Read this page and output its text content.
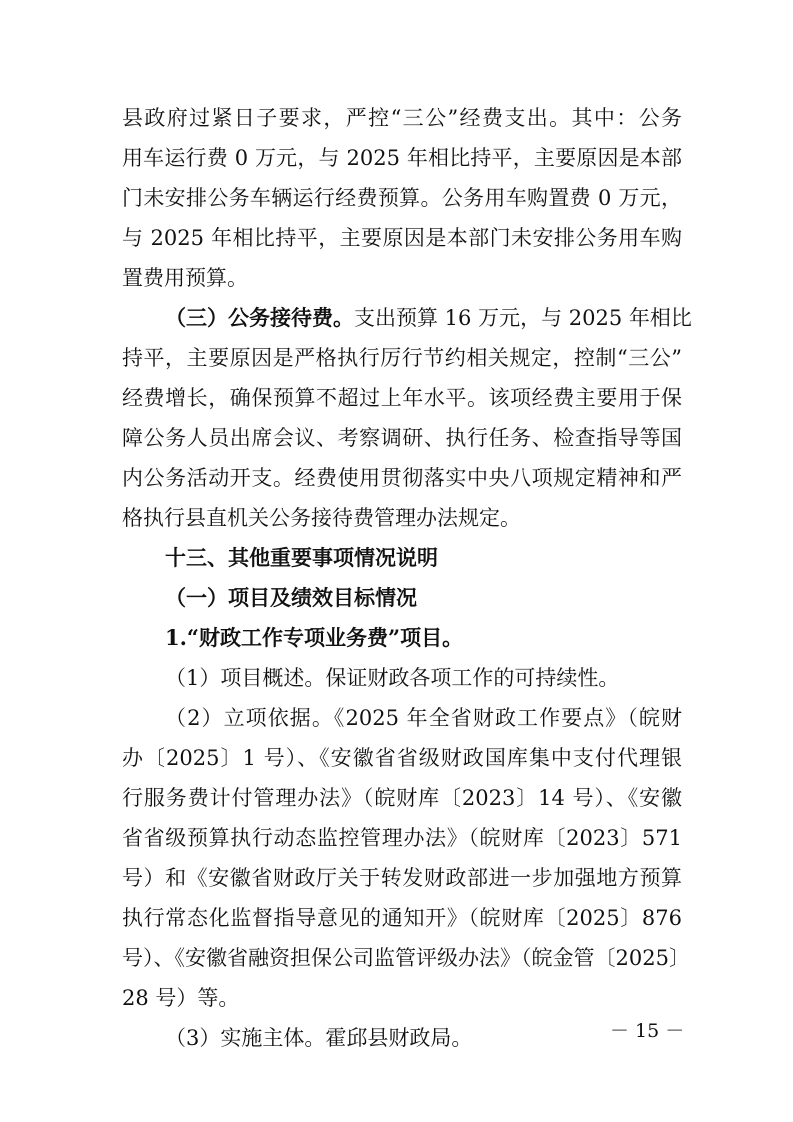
县政府过紧日子要求，严控“三公”经费支出。其中：公务
用车运行费 0 万元，与 2025 年相比持平，主要原因是本部
门未安排公务车辆运行经费预算。公务用车购置费 0 万元，
与 2025 年相比持平，主要原因是本部门未安排公务用车购
置费用预算。
（三）公务接待费。支出预算 16 万元，与 2025 年相比
持平，主要原因是严格执行厉行节约相关规定，控制“三公”
经费增长，确保预算不超过上年水平。该项经费主要用于保
障公务人员出席会议、考察调研、执行任务、检查指导等国
内公务活动开支。经费使用贯彻落实中央八项规定精神和严
格执行县直机关公务接待费管理办法规定。
十三、其他重要事项情况说明
（一）项目及绩效目标情况
1.“财政工作专项业务费”项目。
（1）项目概述。保证财政各项工作的可持续性。
（2）立项依据。《2025 年全省财政工作要点》（皖财
办〔2025〕1 号）、《安徽省省级财政国库集中支付代理银
行服务费计付管理办法》（皖财库〔2023〕14 号）、《安徽
省省级预算执行动态监控管理办法》（皖财库〔2023〕571
号）和《安徽省财政厅关于转发财政部进一步加强地方预算
执行常态化监督指导意见的通知开》（皖财库〔2025〕876
号）、《安徽省融资担保公司监管评级办法》（皖金管〔2025〕
28 号）等。
（3）实施主体。霍邱县财政局。	－ 15 －
